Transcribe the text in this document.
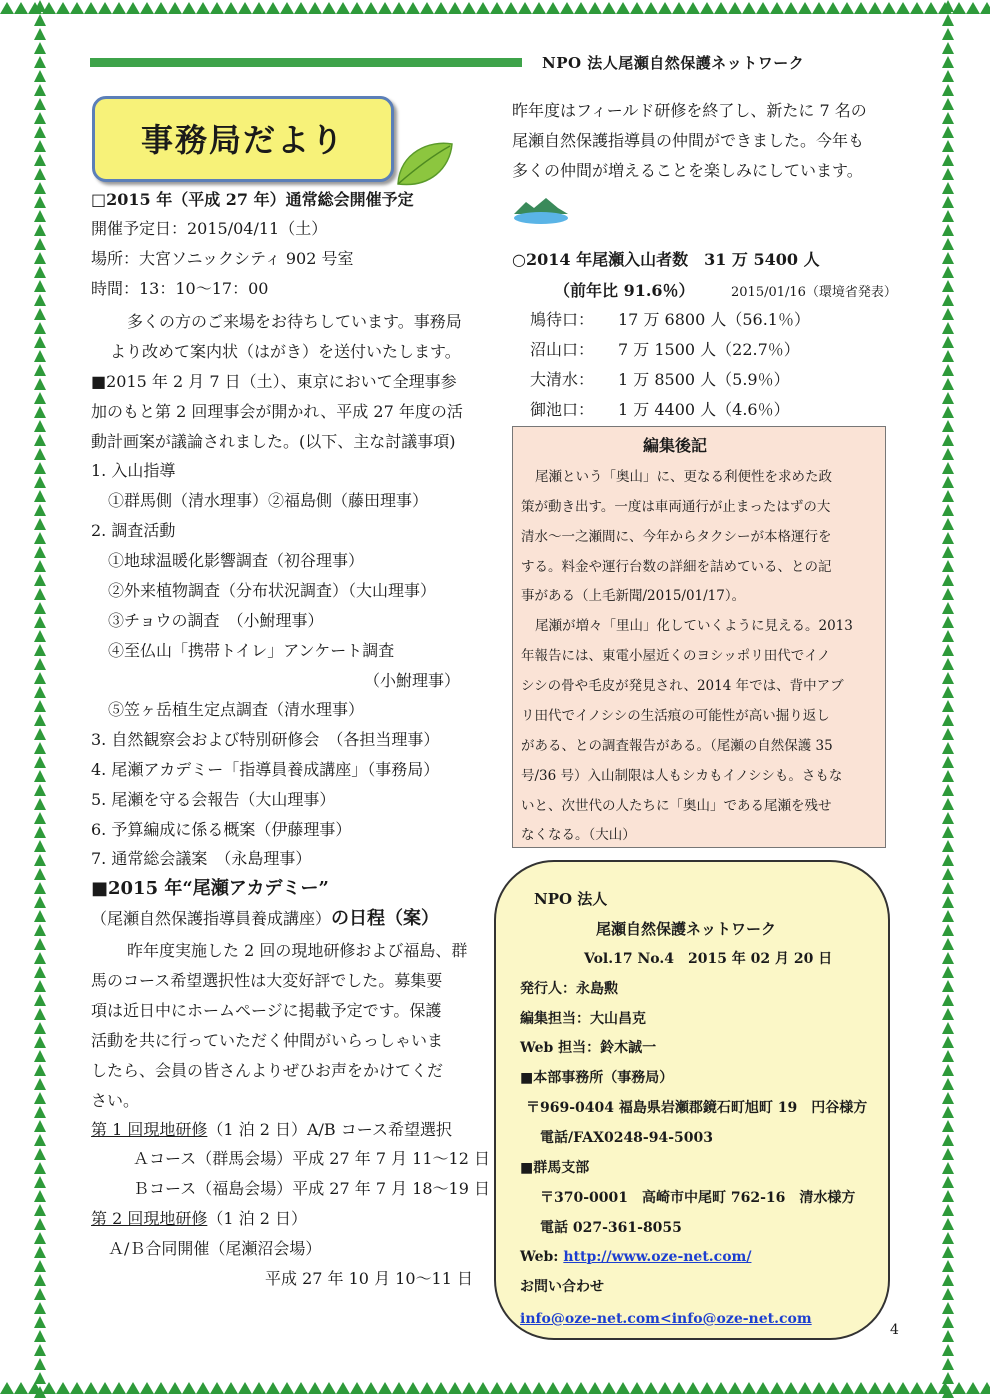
NPO 法人尾瀬自然保護ネットワーク
事務局だより
□2015 年（平成 27 年）通常総会開催予定
開催予定日：2015/04/11（土）
場所：大宮ソニックシティ 902 号室
時間：13：10～17：00
多くの方のご来場をお待ちしています。事務局
より改めて案内状（はがき）を送付いたします。
■2015 年 2 月 7 日（土）、東京において全理事参
加のもと第 2 回理事会が開かれ、平成 27 年度の活
動計画案が議論されました。(以下、主な討議事項)
1. 入山指導
①群馬側（清水理事）②福島側（藤田理事）
2. 調査活動
①地球温暖化影響調査（初谷理事）
②外来植物調査（分布状況調査）（大山理事）
③チョウの調査　（小鮒理事）
④至仏山「携帯トイレ」アンケート調査
（小鮒理事）
⑤笠ヶ岳植生定点調査（清水理事）
3. 自然観察会および特別研修会　（各担当理事）
4. 尾瀬アカデミー「指導員養成講座」（事務局）
5. 尾瀬を守る会報告（大山理事）
6. 予算編成に係る概案（伊藤理事）
7. 通常総会議案　（永島理事）
■2015 年“尾瀬アカデミー”
（尾瀬自然保護指導員養成講座）の日程（案）
昨年度実施した 2 回の現地研修および福島、群
馬のコース希望選択性は大変好評でした。募集要
項は近日中にホームページに掲載予定です。保護
活動を共に行っていただく仲間がいらっしゃいま
したら、会員の皆さんよりぜひお声をかけてくだ
さい。
第 1 回現地研修（1 泊 2 日）A/B コース希望選択
Ａコース（群馬会場）平成 27 年 7 月 11～12 日
Ｂコース（福島会場）平成 27 年 7 月 18～19 日
第 2 回現地研修（1 泊 2 日）
Ａ/Ｂ合同開催（尾瀬沼会場）
平成 27 年 10 月 10～11 日
昨年度はフィールド研修を終了し、新たに 7 名の
尾瀬自然保護指導員の仲間ができました。今年も
多くの仲間が増えることを楽しみにしています。
○2014 年尾瀬入山者数　31 万 5400 人
（前年比 91.6％）	2015/01/16（環境省発表）
鳩待口： 17 万 6800 人（56.1％）
沼山口： 7 万 1500 人（22.7％）
大清水： 1 万 8500 人（5.9％）
御池口： 1 万 4400 人（4.6％）
編集後記
尾瀬という「奥山」に、更なる利便性を求めた政
策が動き出す。一度は車両通行が止まったはずの大
清水～一之瀬間に、今年からタクシーが本格運行を
する。料金や運行台数の詳細を詰めている、との記
事がある（上毛新聞/2015/01/17）。
尾瀬が増々「里山」化していくように見える。2013
年報告には、東電小屋近くのヨシッポリ田代でイノ
シシの骨や毛皮が発見され、2014 年では、背中アブ
リ田代でイノシシの生活痕の可能性が高い掘り返し
がある、との調査報告がある。（尾瀬の自然保護 35
号/36 号）入山制限は人もシカもイノシシも。さもな
いと、次世代の人たちに「奥山」である尾瀬を残せ
なくなる。（大山）
NPO 法人
尾瀬自然保護ネットワーク
Vol.17 No.4　2015 年 02 月 20 日
発行人：永島勲
編集担当：大山昌克
Web 担当：鈴木誠一
■本部事務所（事務局）
〒969-0404 福島県岩瀬郡鏡石町旭町 19　円谷様方
電話/FAX0248-94-5003
■群馬支部
〒370-0001　高崎市中尾町 762-16　清水様方
電話 027-361-8055
Web: http://www.oze-net.com/
お問い合わせ
info@oze-net.com<info@oze-net.com
4
